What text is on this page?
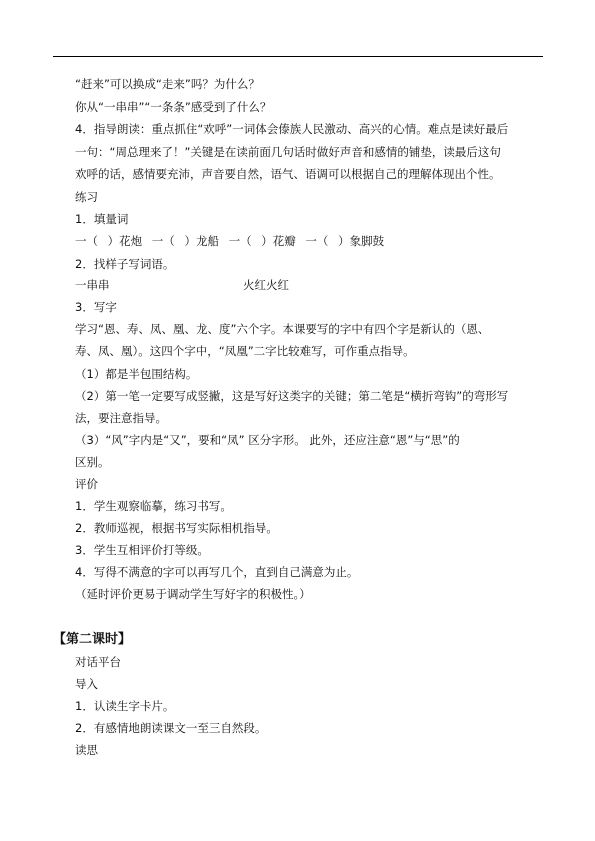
“赶来”可以换成“走来”吗？为什么？
你从“一串串”“一条条”感受到了什么？
4．指导朗读：重点抓住“欢呼”一词体会傣族人民激动、高兴的心情。难点是读好最后
一句：“周总理来了！”关键是在读前面几句话时做好声音和感情的铺垫，读最后这句
欢呼的话，感情要充沛，声音要自然，语气、语调可以根据自己的理解体现出个性。
练习
1．填量词
一（ ）花炮 一（ ）龙船 一（ ）花瓣 一（ ）象脚鼓
2．找样子写词语。
一串串	火红火红
3．写字
学习“恩、寿、凤、凰、龙、度”六个字。本课要写的字中有四个字是新认的（恩、
寿、凤、凰）。这四个字中，“凤凰”二字比较难写，可作重点指导。
（1）都是半包围结构。
（2）第一笔一定要写成竖撇，这是写好这类字的关键；第二笔是“横折弯钩”的弯形写
法，要注意指导。
（3）“风”字内是“又”，要和“凤” 区分字形。 此外，还应注意“恩”与“思”的
区别。
评价
1．学生观察临摹，练习书写。
2．教师巡视，根据书写实际相机指导。
3．学生互相评价打等级。
4．写得不满意的字可以再写几个，直到自己满意为止。
（延时评价更易于调动学生写好字的积极性。）
【第二课时】
对话平台
导入
1．认读生字卡片。
2．有感情地朗读课文一至三自然段。
读思
